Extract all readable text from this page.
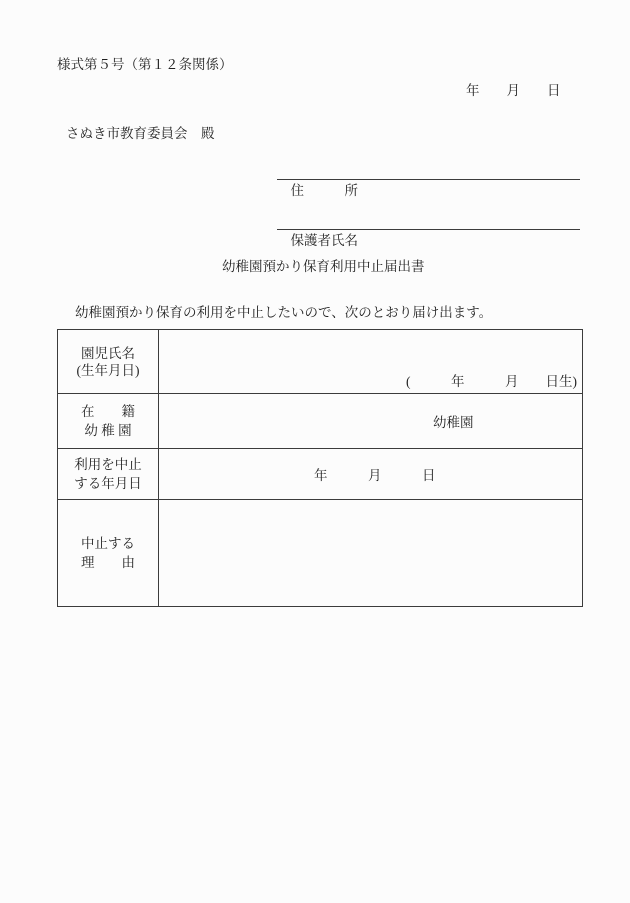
様式第５号（第１２条関係）
年　　月　　日
さぬき市教育委員会　殿

住　　　所

保護者氏名

幼稚園預かり保育利用中止届出書
幼稚園預かり保育の利用を中止したいので、次のとおり届け出ます。
園児氏名
(生年月日)
(　　　年　　　月　　日生)
在　　籍
幼 稚 園
幼稚園
利用を中止
する年月日
年　　　月　　　日
中止する
理　　由
